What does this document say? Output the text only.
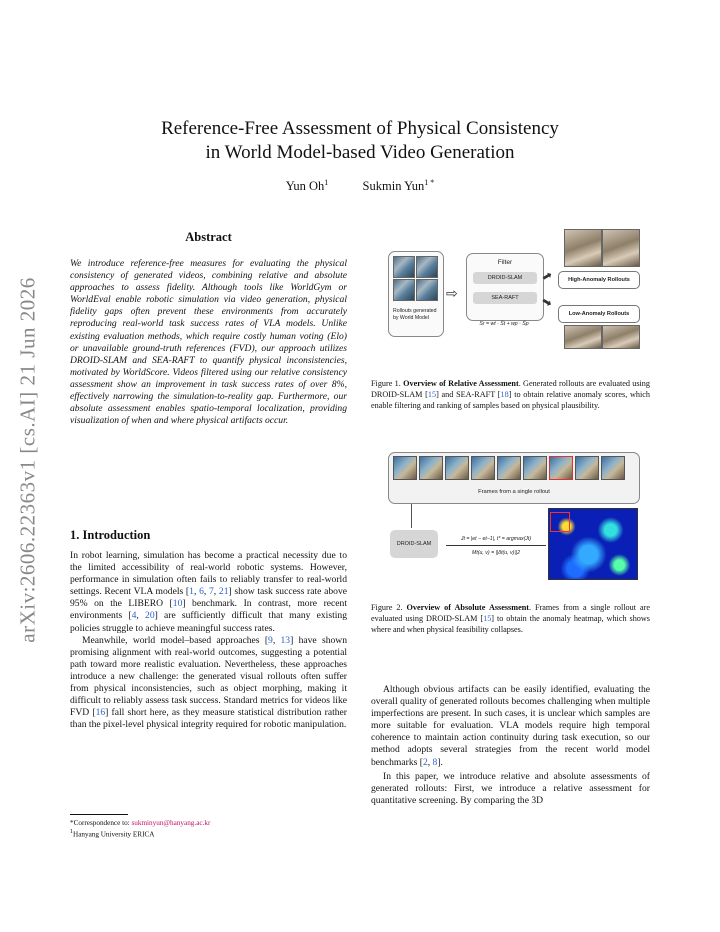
Reference-Free Assessment of Physical Consistency
in World Model-based Video Generation
Yun Oh$^1$	Sukmin Yun$^{1 *}$
arXiv:2606.22363v1 [cs.AI] 21 Jun 2026
Abstract
We introduce reference-free measures for evaluating the physical consistency of generated videos, combining relative and absolute approaches to assess fidelity. Although tools like WorldGym or WorldEval enable robotic simulation via video generation, physical fidelity gaps often prevent these environments from accurately reproducing real-world task success rates of VLA models. Unlike existing evaluation methods, which require costly human voting (Elo) or unavailable ground-truth references (FVD), our approach utilizes DROID-SLAM and SEA-RAFT to quantify physical inconsistencies, motivated by WorldScore. Videos filtered using our relative consistency assessment show an improvement in task success rates of over 8%, effectively narrowing the simulation-to-reality gap. Furthermore, our absolute assessment enables spatio-temporal localization, providing visualization of when and where physical artifacts occur.
1. Introduction
In robot learning, simulation has become a practical necessity due to the limited accessibility of real-world robotic systems. However, performance in simulation often fails to reliably transfer to real-world settings. Recent VLA models [1, 6, 7, 21] show task success rate above 95% on the LIBERO [10] benchmark. In contrast, more recent environments [4, 20] are sufficiently difficult that many existing policies struggle to achieve meaningful success rates.
Meanwhile, world model–based approaches [9, 13] have shown promising alignment with real-world outcomes, suggesting a potential path toward more realistic evaluation. Nevertheless, these approaches introduce a new challenge: the generated visual rollouts often suffer from physical inconsistencies, such as object morphing, making it difficult to reliably assess task success. Standard metrics for videos like FVD [16] fall short here, as they measure statistical distribution rather than the pixel-level physical integrity required for robotic manipulation.
*Correspondence to: sukminyun@hanyang.ac.kr
$^1$Hanyang University ERICA
Rollouts generated by World Model
⇨
Filter
DROID-SLAM
SEA-RAFT
Sr = wt · S̄t + wp · S̄p
➡
➡
High-Anomaly Rollouts
Low-Anomaly Rollouts
Figure 1. Overview of Relative Assessment. Generated rollouts are evaluated using DROID-SLAM [15] and SEA-RAFT [18] to obtain relative anomaly scores, which enable filtering and ranking of samples based on physical plausibility.
Frames from a single rollout
DROID-SLAM
Jt = |et − et−1|, t* = argmax(Jt)
Mt(u, v) = ||δt(u, v)||2
Figure 2. Overview of Absolute Assessment. Frames from a single rollout are evaluated using DROID-SLAM [15] to obtain the anomaly heatmap, which shows where and when physical feasibility collapses.
Although obvious artifacts can be easily identified, evaluating the overall quality of generated rollouts becomes challenging when multiple imperfections are present. In such cases, it is unclear which samples are more suitable for evaluation. VLA models require high temporal coherence to maintain action continuity during task execution, so our method adopts several strategies from the recent world model benchmarks [2, 8].
In this paper, we introduce relative and absolute assessments of generated rollouts: First, we introduce a relative assessment for quantitative screening. By comparing the 3D
